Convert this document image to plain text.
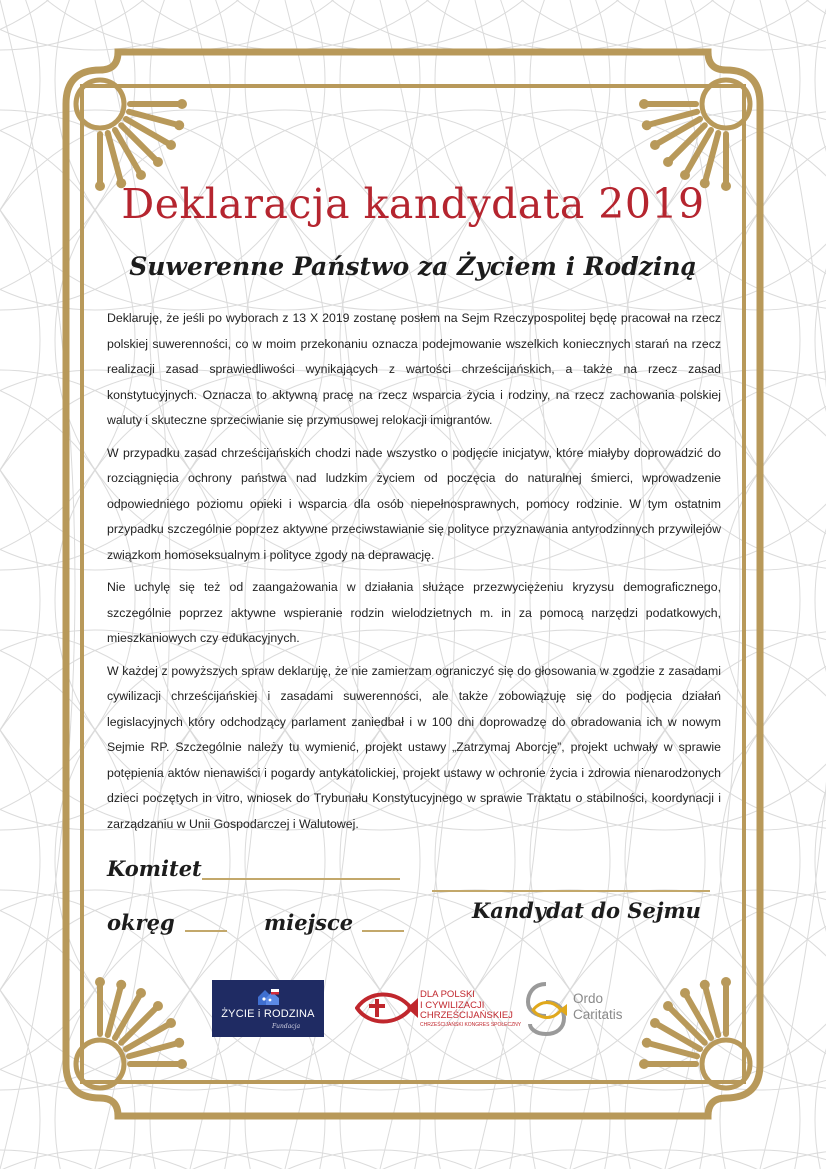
Deklaracja kandydata 2019
Suwerenne Państwo za Życiem i Rodziną

Deklaruję, że jeśli po wyborach z 13 X 2019 zostanę posłem na Sejm Rzeczypospolitej będę pracował na rzecz polskiej suwerenności, co w moim przekonaniu oznacza podejmowanie wszelkich koniecznych starań na rzecz realizacji zasad sprawiedliwości wynikających z wartości chrześcijańskich, a także na rzecz zasad konstytucyjnych. Oznacza to aktywną pracę na rzecz wsparcia życia i rodziny, na rzecz zachowania polskiej waluty i skuteczne sprzeciwianie się przymusowej relokacji imigrantów.

W przypadku zasad chrześcijańskich chodzi nade wszystko o podjęcie inicjatyw, które miałyby doprowadzić do rozciągnięcia ochrony państwa nad ludzkim życiem od poczęcia do naturalnej śmierci, wprowadzenie odpowiedniego poziomu opieki i wsparcia dla osób niepełnosprawnych, pomocy rodzinie. W tym ostatnim przypadku szczególnie poprzez aktywne przeciwstawianie się polityce przyznawania antyrodzinnych przywilejów związkom homoseksualnym i polityce zgody na deprawację.

Nie uchylę się też od zaangażowania w działania służące przezwyciężeniu kryzysu demograficznego, szczególnie poprzez aktywne wspieranie rodzin wielodzietnych m. in za pomocą narzędzi podatkowych, mieszkaniowych czy edukacyjnych.

W każdej z powyższych spraw deklaruję, że nie zamierzam ograniczyć się do głosowania w zgodzie z zasadami cywilizacji chrześcijańskiej i zasadami suwerenności, ale także zobowiązuję się do podjęcia działań legislacyjnych który odchodzący parlament zaniedbał i w 100 dni doprowadzę do obradowania ich w nowym Sejmie RP. Szczególnie należy tu wymienić, projekt ustawy „Zatrzymaj Aborcję”, projekt uchwały w sprawie potępienia aktów nienawiści i pogardy antykatolickiej, projekt ustawy w ochronie życia i zdrowia nienarodzonych dzieci poczętych in vitro, wniosek do Trybunału Konstytucyjnego w sprawie Traktatu o stabilności, koordynacji i zarządzaniu w Unii Gospodarczej i Walutowej.

Komitet
Kandydat do Sejmu
okręg	miejsce
ŻYCIE i RODZINA
Fundacja
DLA POLSKI
I CYWILIZACJI
CHRZEŚCIJAŃSKIEJ
CHRZEŚCIJAŃSKI KONGRES SPOŁECZNY
Ordo
Caritatis
